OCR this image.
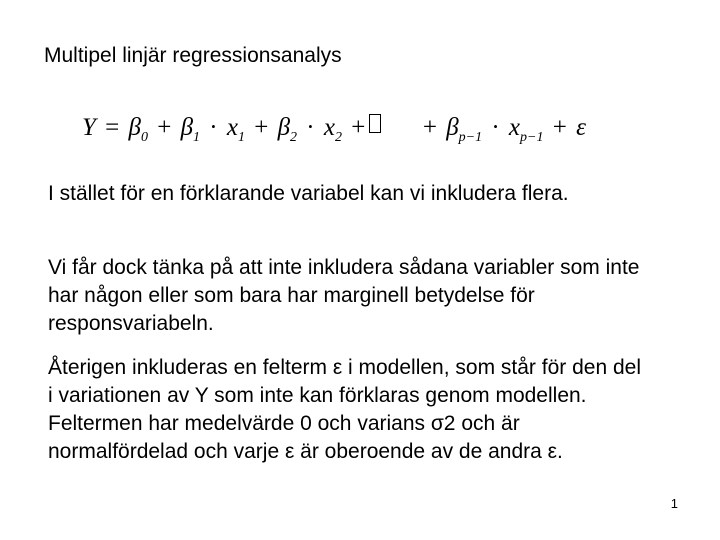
Multipel linjär regressionsanalys
$Y = \beta_0 + \beta_1 \cdot x_1 + \beta_2 \cdot x_2$ + + $\beta_{p-1} \cdot x_{p-1} + \varepsilon$
I stället för en förklarande variabel kan vi inkludera flera.
Vi får dock tänka på att inte inkludera sådana variabler som inte har någon eller som bara har marginell betydelse för responsvariabeln.
Återigen inkluderas en felterm ε i modellen, som står för den del i variationen av Y som inte kan förklaras genom modellen. Feltermen har medelvärde 0 och varians σ2 och är normalfördelad och varje ε är oberoende av de andra ε.
1
